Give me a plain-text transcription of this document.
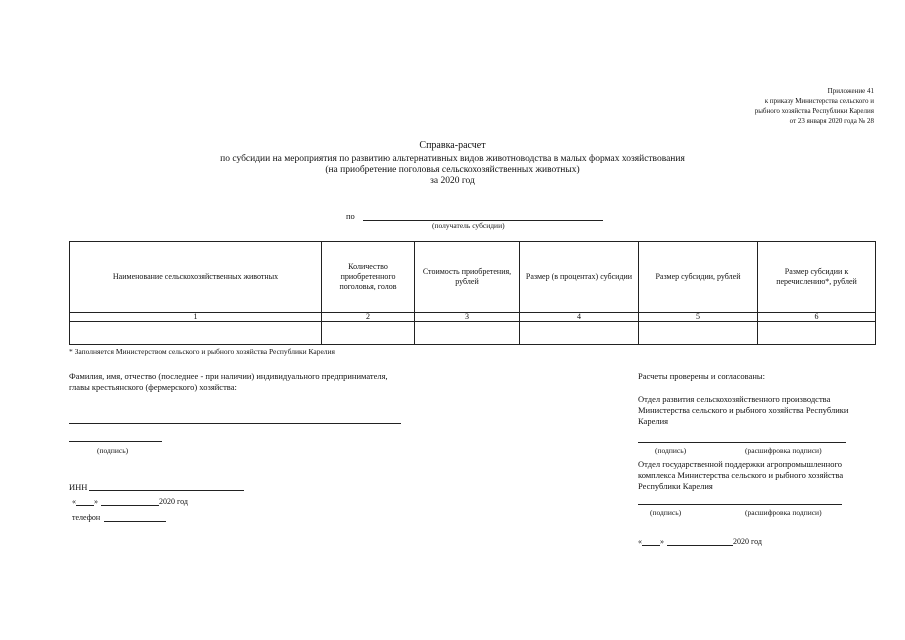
Приложение 41
к приказу Министерства сельского и
рыбного хозяйства Республики Карелия
от 23 января 2020 года № 28
Справка-расчет
по субсидии на мероприятия по развитию альтернативных видов животноводства в малых формах хозяйствования
(на приобретение поголовья сельскохозяйственных животных)
за 2020 год
по
(получатель субсидии)
Наименование сельскохозяйственных животных	Количество приобретенного поголовья, голов	Стоимость приобретения, рублей	Размер (в процентах) субсидии	Размер субсидии, рублей	Размер субсидии к перечислению*, рублей
1	2	3	4	5	6

* Заполняется Министерством сельского и рыбного хозяйства Республики Карелия
Фамилия, имя, отчество (последнее - при наличии) индивидуального предпринимателя,
главы крестьянского (фермерского) хозяйства:
(подпись)
ИНН
« »	2020 год
телефон
Расчеты проверены и согласованы:
Отдел развития сельскохозяйственного производства Министерства сельского и рыбного хозяйства Республики Карелия
(подпись)	(расшифровка подписи)
Отдел государственной поддержки агропромышленного комплекса Министерства сельского и рыбного хозяйства Республики Карелия
(подпись)	(расшифровка подписи)
« »	2020 год
